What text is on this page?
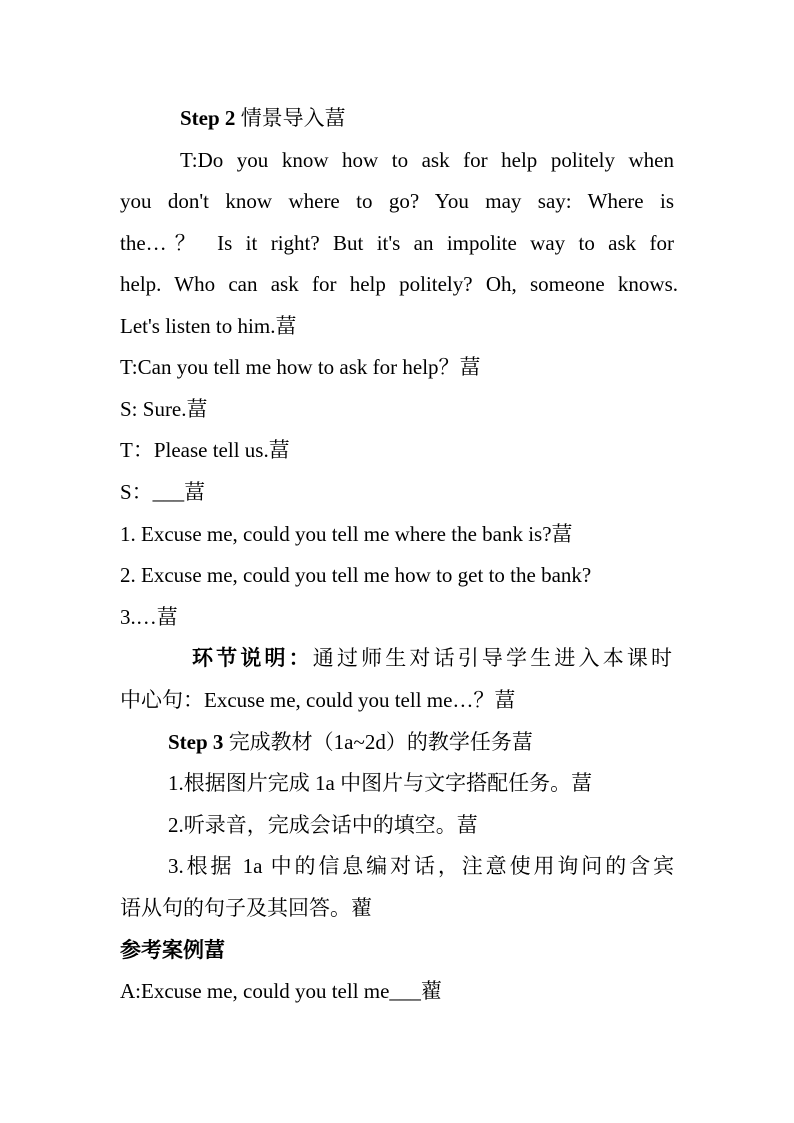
Step 2 情景导入葍
T:Do you know how to ask for help politely when
you don't know where to go? You may say: Where is
the…？ Is it right? But it's an impolite way to ask for
help. Who can ask for help politely? Oh, someone knows.
Let's listen to him.葍
T:Can you tell me how to ask for help？葍
S: Sure.葍
T：Please tell us.葍
S：___葍
1. Excuse me, could you tell me where the bank is?葍
2. Excuse me, could you tell me how to get to the bank?
3.…葍
环节说明：通过师生对话引导学生进入本课时
中心句：Excuse me, could you tell me…？葍
Step 3 完成教材（1a~2d）的教学任务葍
1.根据图片完成 1a 中图片与文字搭配任务。葍
2.听录音，完成会话中的填空。葍
3.根据 1a 中的信息编对话，注意使用询问的含宾
语从句的句子及其回答。藋
参考案例葍
A:Excuse me, could you tell me___藋
